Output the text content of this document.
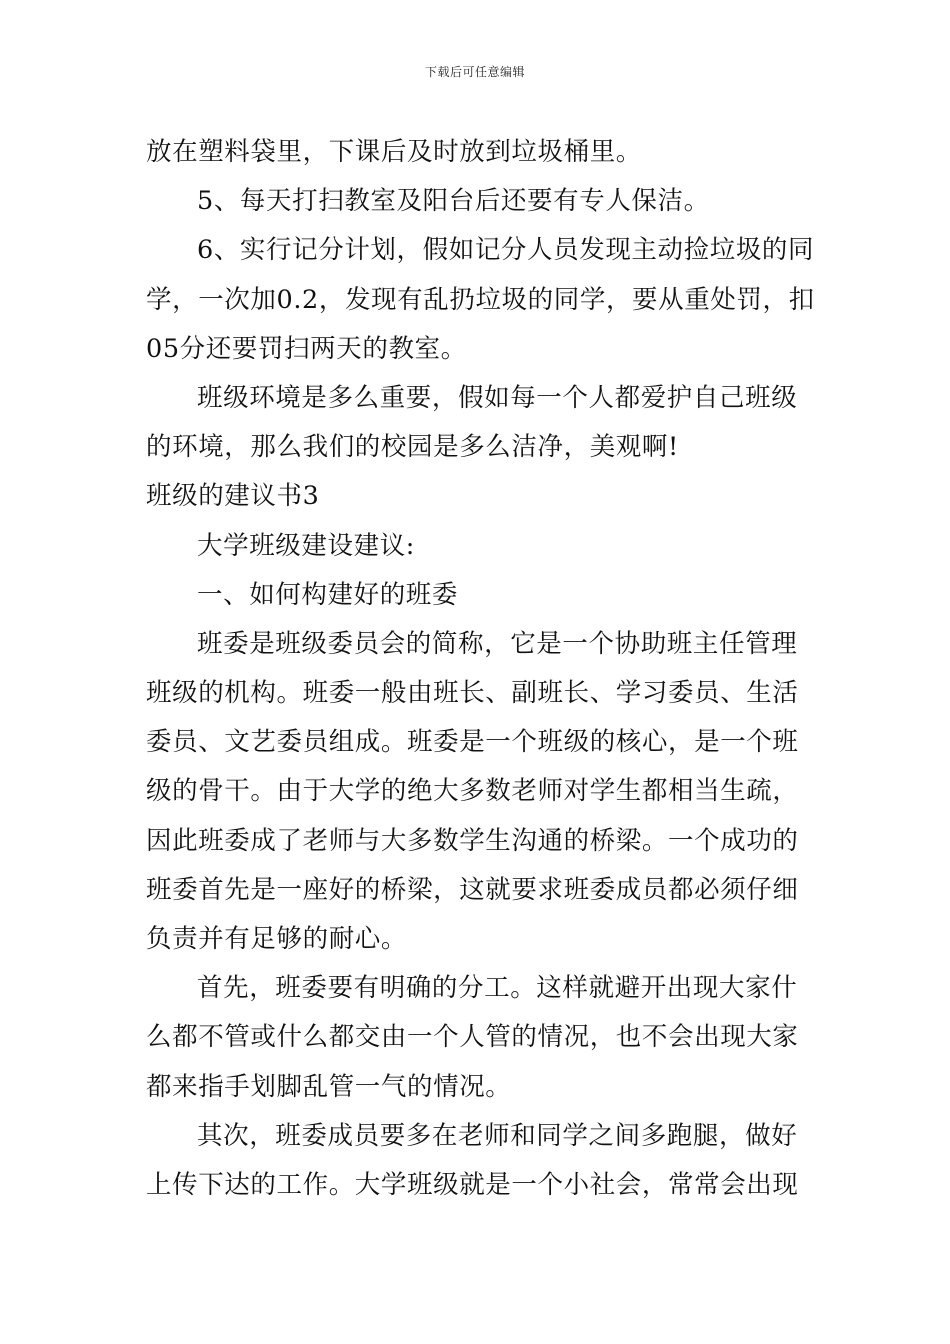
下载后可任意编辑
放在塑料袋里，下课后及时放到垃圾桶里。
5、每天打扫教室及阳台后还要有专人保洁。
6、实行记分计划，假如记分人员发现主动捡垃圾的同
学，一次加0.2，发现有乱扔垃圾的同学，要从重处罚，扣
05分还要罚扫两天的教室。
班级环境是多么重要，假如每一个人都爱护自己班级
的环境，那么我们的校园是多么洁净，美观啊!
班级的建议书3
大学班级建设建议:
一、如何构建好的班委
班委是班级委员会的简称，它是一个协助班主任管理
班级的机构。班委一般由班长、副班长、学习委员、生活
委员、文艺委员组成。班委是一个班级的核心，是一个班
级的骨干。由于大学的绝大多数老师对学生都相当生疏，
因此班委成了老师与大多数学生沟通的桥梁。一个成功的
班委首先是一座好的桥梁，这就要求班委成员都必须仔细
负责并有足够的耐心。
首先，班委要有明确的分工。这样就避开出现大家什
么都不管或什么都交由一个人管的情况，也不会出现大家
都来指手划脚乱管一气的情况。
其次，班委成员要多在老师和同学之间多跑腿，做好
上传下达的工作。大学班级就是一个小社会，常常会出现
